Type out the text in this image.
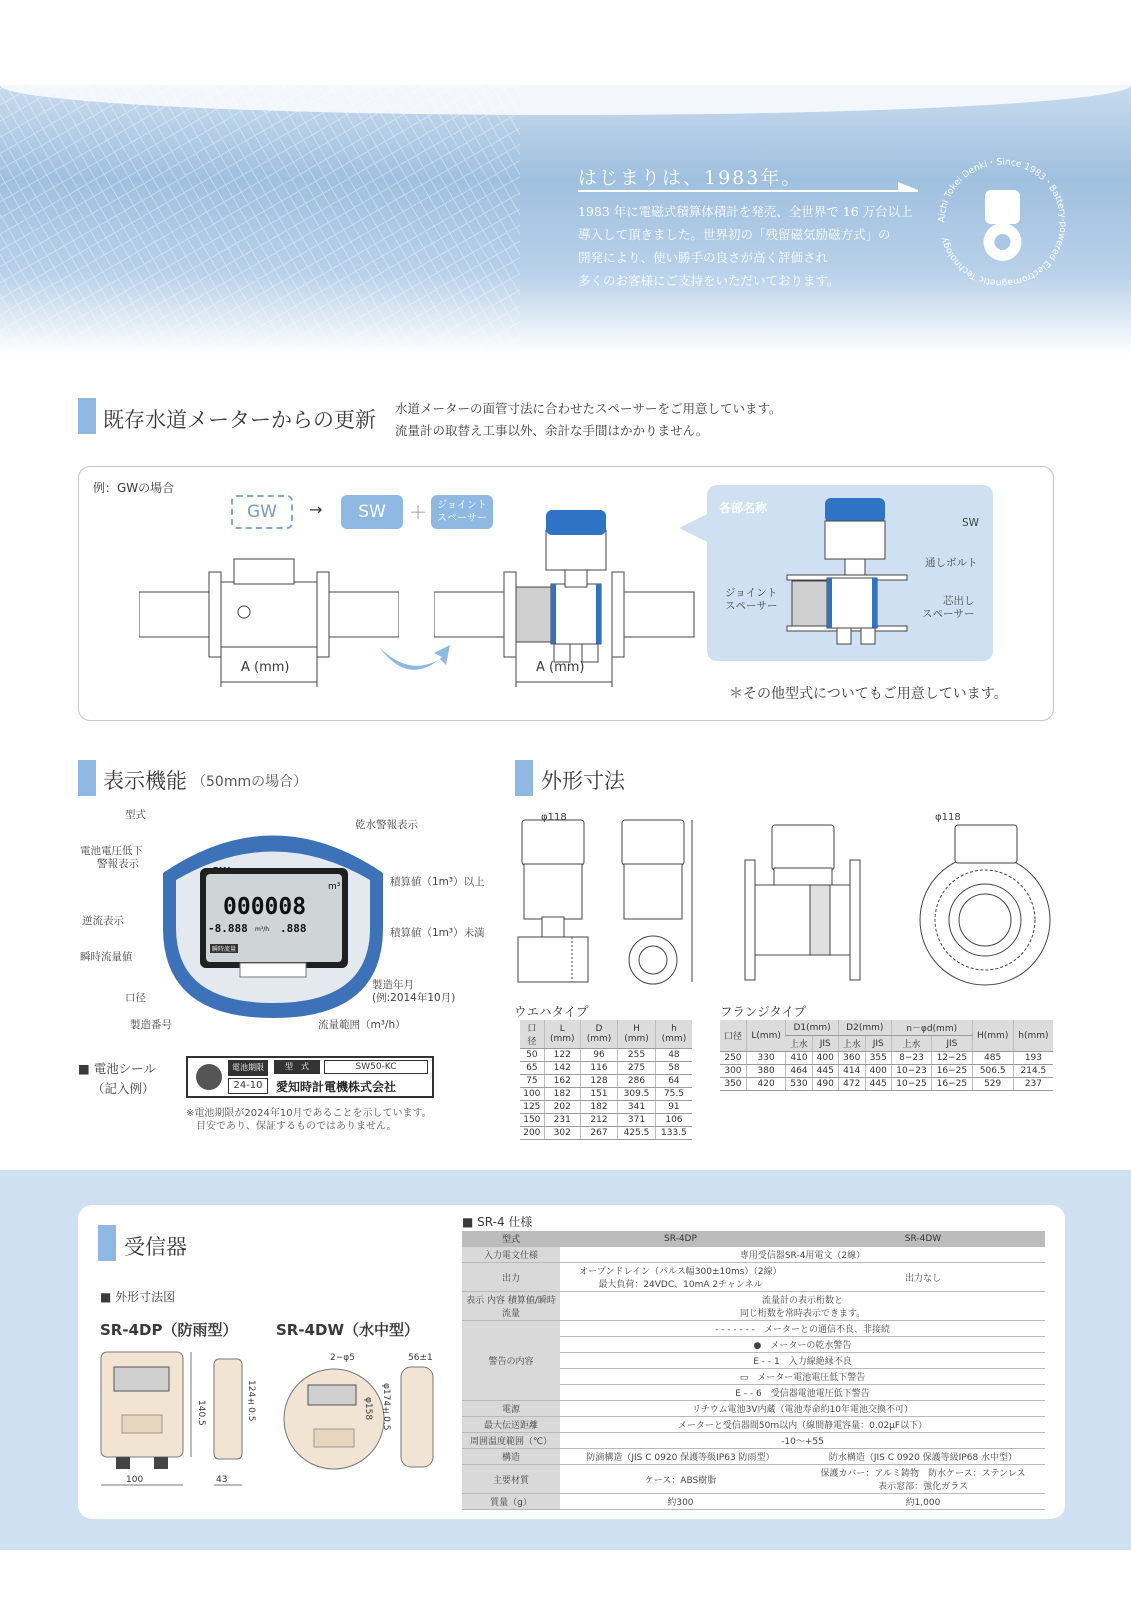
はじまりは、1983年。
1983 年に電磁式積算体積計を発売、全世界で 16 万台以上
導入して頂きました。世界初の「残留磁気励磁方式」の
開発により、使い勝手の良さが高く評価され
多くのお客様にご支持をいただいております。
Aichi Tokei Denki・Since 1983・Battery-powered Electromagnetic Technology
既存水道メーターからの更新 水道メーターの面管寸法に合わせたスペーサーをご用意しています。
流量計の取替え工事以外、余計な手間はかかりません。
例：GWの場合
GW	→	SW	＋	ジョイント
スペーサー
A (mm)	A (mm)
各部名称
SW
通しボルト
ジョイント
スペーサー	芯出し
スペーサー
＊その他型式についてもご用意しています。
表示機能 （50mmの場合）
SW
000008
m³
-8.888 m³/h .888
瞬時流量
型式
乾水警報表示
電池電圧低下
警報表示
積算値（1m³）以上
逆流表示
積算値（1m³）未満
瞬時流量値
口径
製造年月
(例:2014年10月)
製造番号	流量範囲（m³/h）
■ 電池シール
（記入例）
電池期限
24-10
型　式	SW50-KC
愛知時計電機株式会社
※電池期限が2024年10月であることを示しています。
目安であり、保証するものではありません。
外形寸法
φ118	φ118
ウエハタイプ	フランジタイプ
口径	L (mm)	D (mm)	H (mm)	h (mm)
50	122	96	255	48
65	142	116	275	58
75	162	128	286	64
100	182	151	309.5	75.5
125	202	182	341	91
150	231	212	371	106
200	302	267	425.5	133.5
口径	L(mm)	D1(mm)		D2(mm)		n－φd(mm)		H(mm)	h(mm)
		上水	JIS	上水	JIS	上水	JIS		
250	330	410	400	360	355	8−23	12−25	485	193
300	380	464	445	414	400	10−23	16−25	506.5	214.5
350	420	530	490	472	445	10−25	16−25	529	237
受信器
■ 外形寸法図
SR-4DP（防雨型）	SR-4DW（水中型）
100
140.5
43
124±0.5
2−φ5
φ158 φ174±0.5
56±1
■ SR-4 仕様
型式	SR-4DP	SR-4DW
入力電文仕様	専用受信器SR-4用電文（2線）	
出力	オープンドレイン（パルス幅300±10ms）（2線）
最大負荷：24VDC、10mA 2チャンネル	出力なし
表示 内容 積算値/瞬時流量	流量計の表示桁数と
同じ桁数を常時表示できます。	

警告の内容	- - - - - - -　 メーターとの通信不良、非接続	
	●　 メーターの乾水警告	
	E - - 1　 入力線絶縁不良	
	▭　 メーター電池電圧低下警告	
	E - - 6　 受信器電池電圧低下警告	
電源	リチウム電池3V内蔵（電池寿命約10年電池交換不可）	
最大伝送距離	メーターと受信器間50m以内（線間静電容量：0.02μF以下）	
周囲温度範囲（℃）	-10〜+55	
構造	防滴構造（JIS C 0920 保護等級IP63 防雨型）	防水構造（JIS C 0920 保護等級IP68 水中型）
主要材質	ケース：ABS樹脂	保護カバー：アルミ鋳物　防水ケース：ステンレス
表示窓部：強化ガラス

質量（g）	約300	約1,000
